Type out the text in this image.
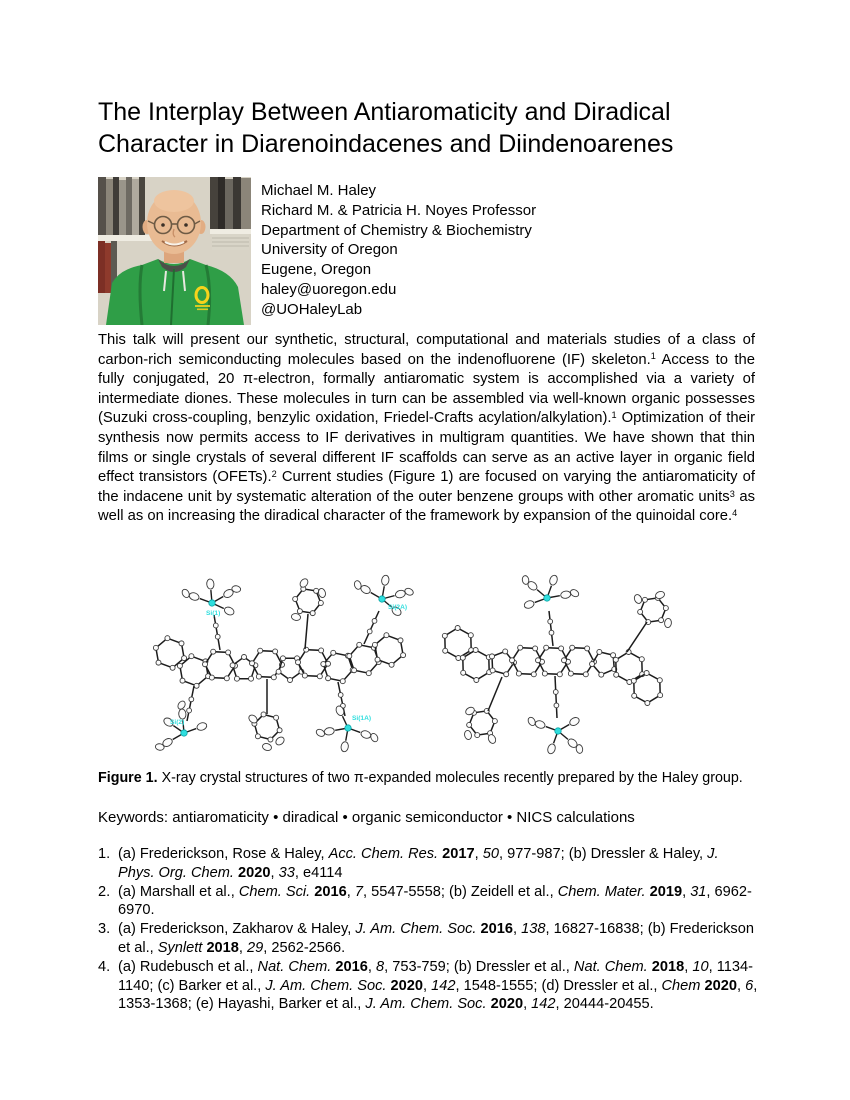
The Interplay Between Antiaromaticity and Diradical
Character in Diarenoindacenes and Diindenoarenes
Michael M. Haley
Richard M. & Patricia H. Noyes Professor
Department of Chemistry & Biochemistry
University of Oregon
Eugene, Oregon
haley@uoregon.edu
@UOHaleyLab

This talk will present our synthetic, structural, computational and materials studies of a class of carbon-rich semiconducting molecules based on the indenofluorene (IF) skeleton.$^1$ Access to the fully conjugated, 20 π-electron, formally antiaromatic system is accomplished via a variety of intermediate diones. These molecules in turn can be assembled via well-known organic possesses (Suzuki cross-coupling, benzylic oxidation, Friedel-Crafts acylation/alkylation).$^1$ Optimization of their synthesis now permits access to IF derivatives in multigram quantities. We have shown that thin films or single crystals of several different IF scaffolds can serve as an active layer in organic field effect transistors (OFETs).$^2$ Current studies (Figure 1) are focused on varying the antiaromaticity of the indacene unit by systematic alteration of the outer benzene groups with other aromatic units$^3$ as well as on increasing the diradical character of the framework by expansion of the quinoidal core.$^4$

Si(1)
Si(2A)
Si(2)
Si(1A)

Figure 1. X-ray crystal structures of two π-expanded molecules recently prepared by the Haley group.

Keywords: antiaromaticity • diradical • organic semiconductor • NICS calculations

1. (a) Frederickson, Rose & Haley, Acc. Chem. Res. 2017, 50, 977-987; (b) Dressler & Haley, J. Phys. Org. Chem. 2020, 33, e4114
2. (a) Marshall et al., Chem. Sci. 2016, 7, 5547-5558; (b) Zeidell et al., Chem. Mater. 2019, 31, 6962-6970.
3. (a) Frederickson, Zakharov & Haley, J. Am. Chem. Soc. 2016, 138, 16827-16838; (b) Frederickson et al., Synlett 2018, 29, 2562-2566.
4. (a) Rudebusch et al., Nat. Chem. 2016, 8, 753-759; (b) Dressler et al., Nat. Chem. 2018, 10, 1134-1140; (c) Barker et al., J. Am. Chem. Soc. 2020, 142, 1548-1555; (d) Dressler et al., Chem 2020, 6, 1353-1368; (e) Hayashi, Barker et al., J. Am. Chem. Soc. 2020, 142, 20444-20455.
